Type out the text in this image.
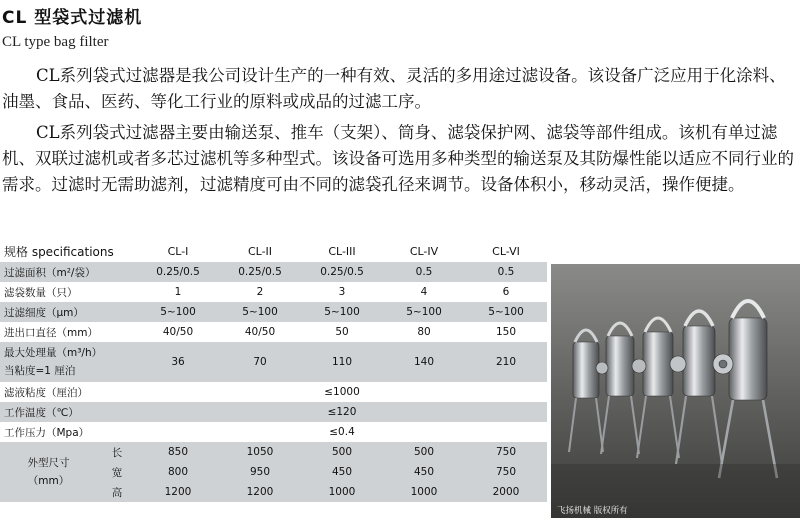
CL 型袋式过滤机
CL type bag filter

CL系列袋式过滤器是我公司设计生产的一种有效、灵活的多用途过滤设备。该设备广泛应用于化涂料、油墨、食品、医药、等化工行业的原料或成品的过滤工序。

CL系列袋式过滤器主要由输送泵、推车（支架）、筒身、滤袋保护网、滤袋等部件组成。该机有单过滤机、双联过滤机或者多芯过滤机等多种型式。该设备可选用多种类型的输送泵及其防爆性能以适应不同行业的需求。过滤时无需助滤剂，过滤精度可由不同的滤袋孔径来调节。设备体积小，移动灵活，操作便捷。

规格 specifications		CL-I	CL-II	CL-III	CL-IV	CL-VI
过滤面积（m²/袋）		0.25/0.5	0.25/0.5	0.25/0.5	0.5	0.5
滤袋数量（只）		1	2	3	4	6
过滤细度（μm）		5~100	5~100	5~100	5~100	5~100
进出口直径（mm）		40/50	40/50	50	80	150

最大处理量（m³/h）
当粘度=1 厘泊		36	70	110	140	210
滤液粘度（厘泊）		≤1000				
工作温度（℃）		≤120				
工作压力（Mpa）		≤0.4				

外型尺寸
（mm）	长	850	1050	500	500	750
	宽	800	950	450	450	750
	高	1200	1200	1000	1000	2000
飞扬机械 版权所有
